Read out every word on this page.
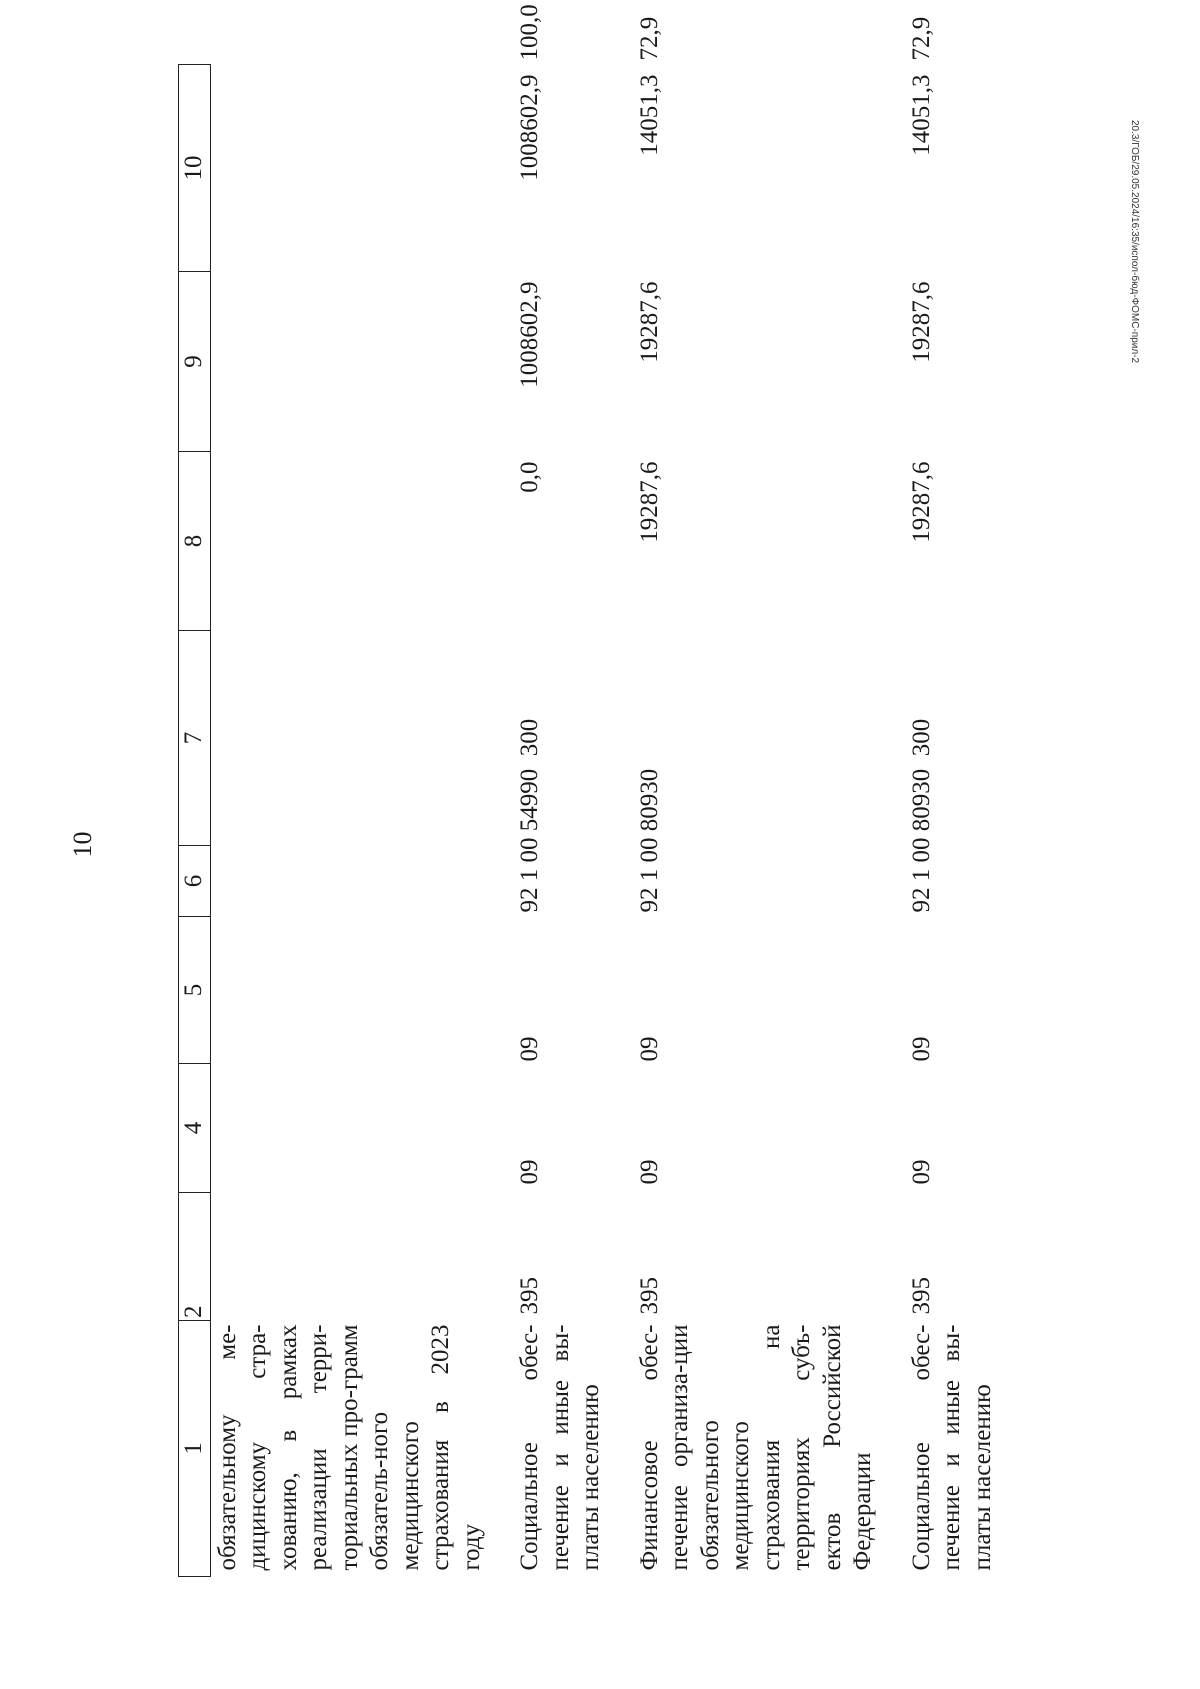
10
1	2	4	5	6	7	8	9	10	
обязательному ме-дицинскому стра-хованию, в рамках реализации терри-ториальных про-грамм обязатель-ного медицинского страхования в 2023 году									
Социальное обес-печение и иные вы-платы населению	395	09	09	92 1 00 54990  300		0,0	1008602,9	1008602,9	100,0
Финансовое обес-печение организа-ции обязательного медицинского страхования на территориях субъ-ектов Российской Федерации	395	09	09	92 1 00 80930		19287,6	19287,6	14051,3	72,9
Социальное обес-печение и иные вы-платы населению	395	09	09	92 1 00 80930  300		19287,6	19287,6	14051,3	72,9
20.3/ГОБ/29.05.2024/16:35/испол-бюд-ФОМС-прил-2
